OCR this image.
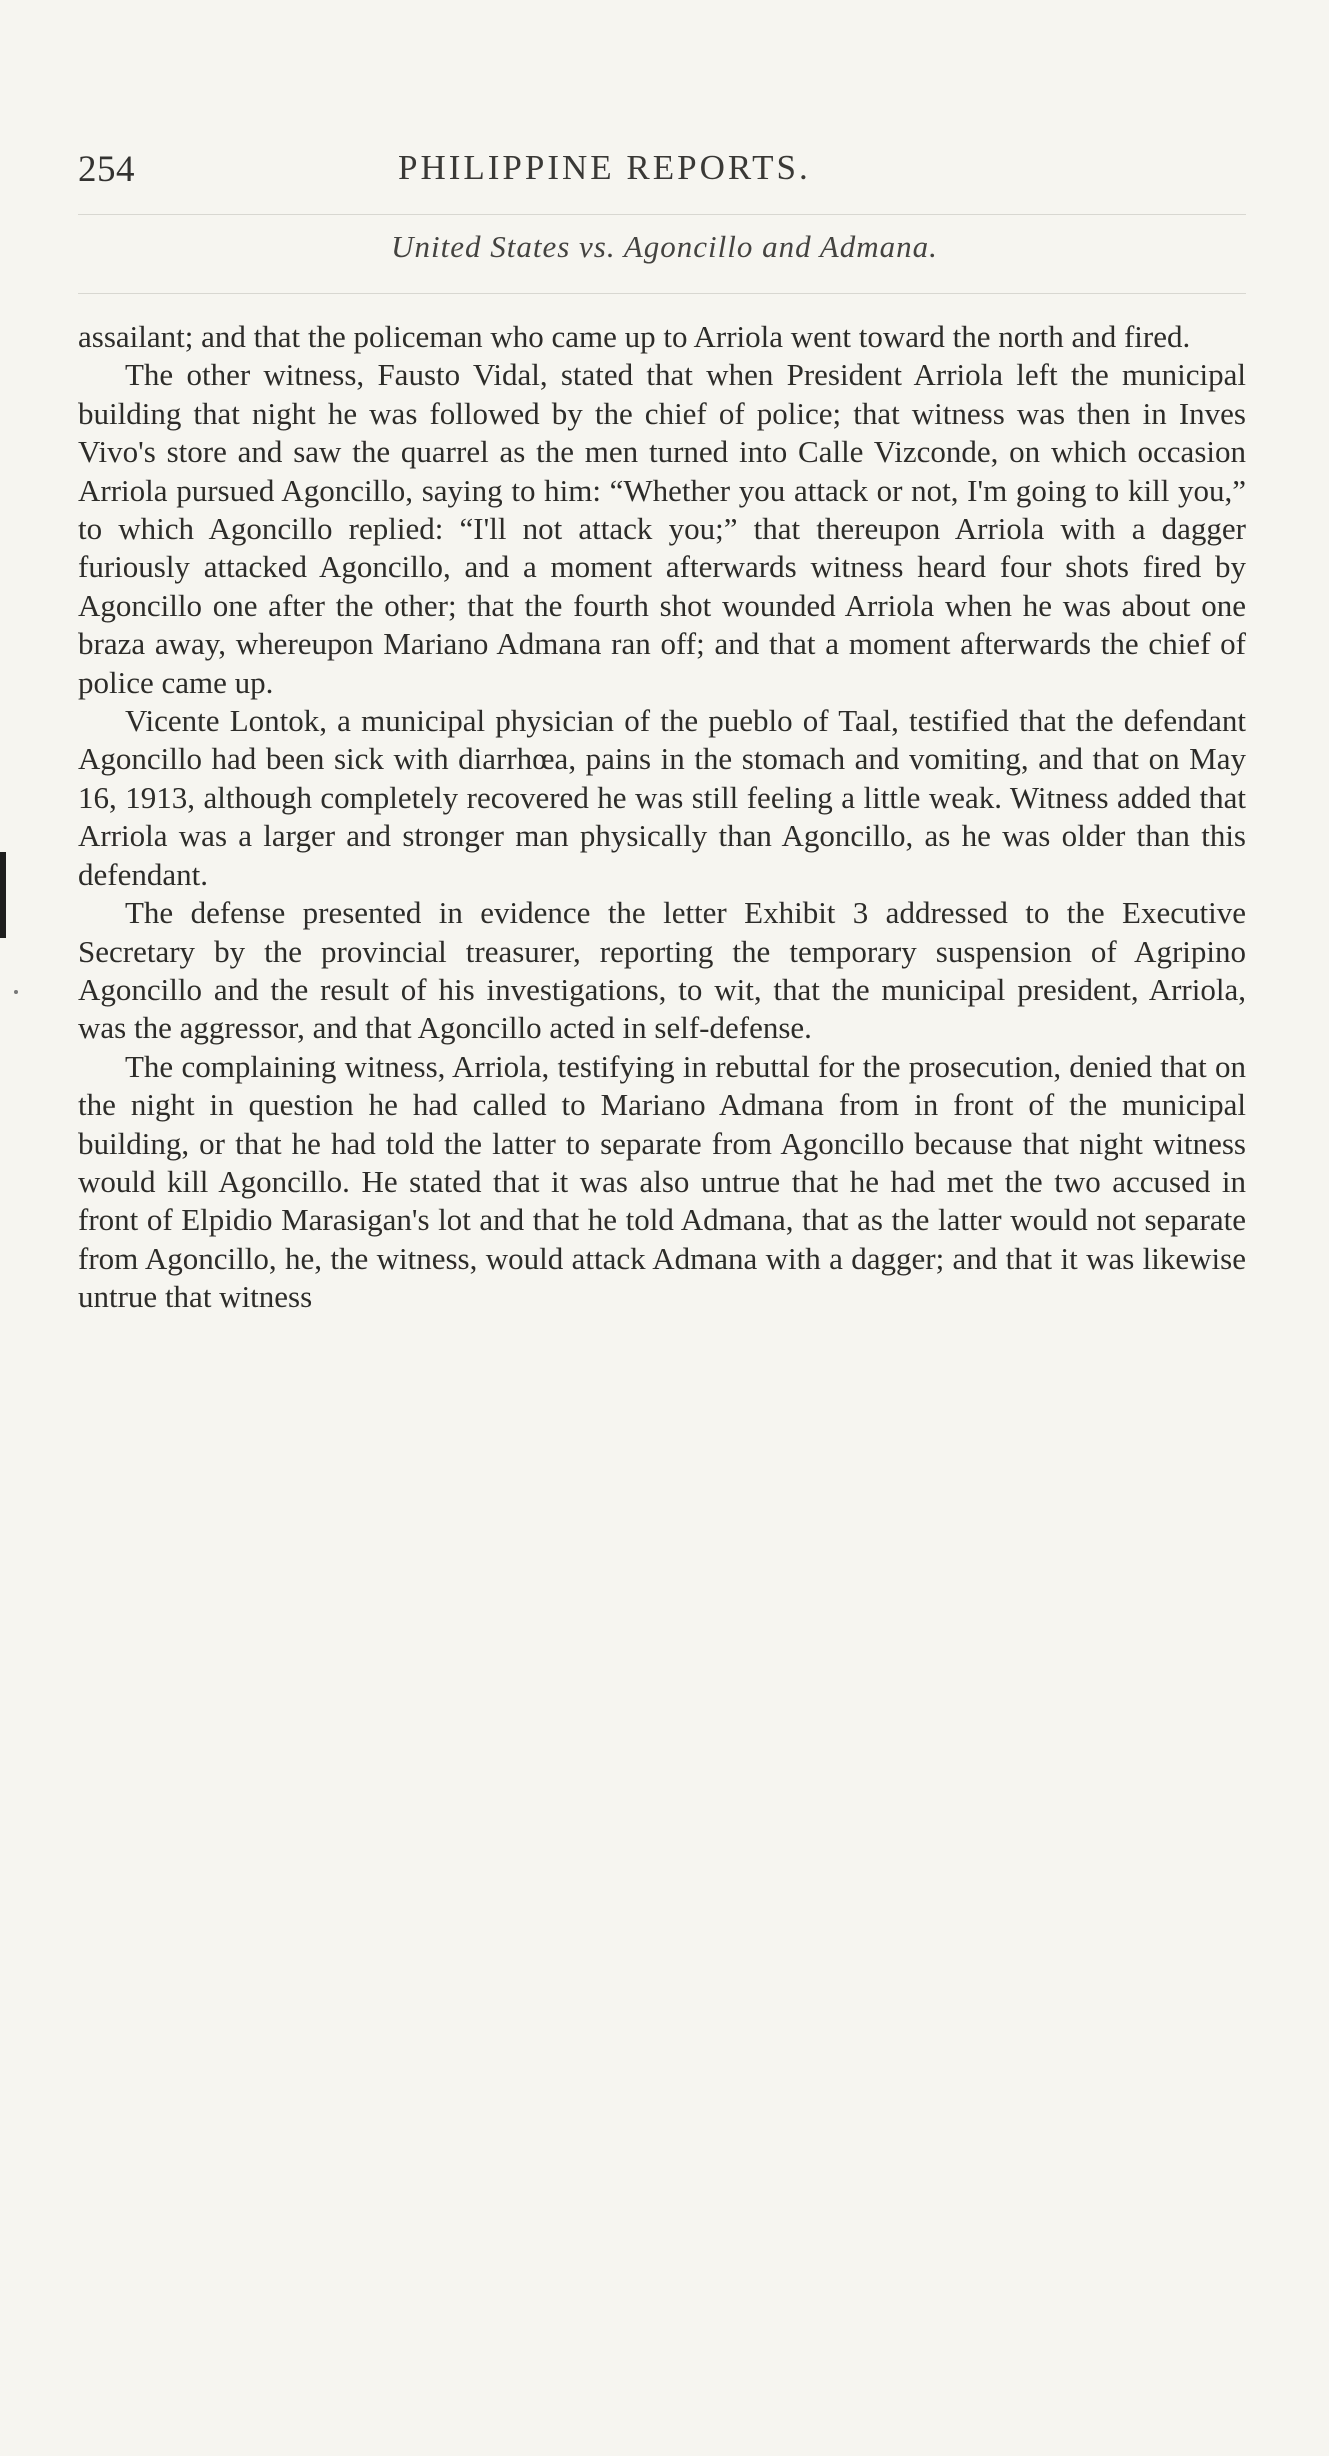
254	PHILIPPINE REPORTS.
United States vs. Agoncillo and Admana.

assailant; and that the policeman who came up to Arriola went toward the north and fired.

The other witness, Fausto Vidal, stated that when President Arriola left the municipal building that night he was followed by the chief of police; that witness was then in Inves Vivo's store and saw the quarrel as the men turned into Calle Vizconde, on which occasion Arriola pursued Agoncillo, saying to him: “Whether you attack or not, I'm going to kill you,” to which Agoncillo replied: “I'll not attack you;” that thereupon Arriola with a dagger furiously attacked Agoncillo, and a moment afterwards witness heard four shots fired by Agoncillo one after the other; that the fourth shot wounded Arriola when he was about one braza away, whereupon Mariano Admana ran off; and that a moment afterwards the chief of police came up.

Vicente Lontok, a municipal physician of the pueblo of Taal, testified that the defendant Agoncillo had been sick with diarrhœa, pains in the stomach and vomiting, and that on May 16, 1913, although completely recovered he was still feeling a little weak. Witness added that Arriola was a larger and stronger man physically than Agoncillo, as he was older than this defendant.

The defense presented in evidence the letter Exhibit 3 addressed to the Executive Secretary by the provincial treasurer, reporting the temporary suspension of Agripino Agoncillo and the result of his investigations, to wit, that the municipal president, Arriola, was the aggressor, and that Agoncillo acted in self-defense.

The complaining witness, Arriola, testifying in rebuttal for the prosecution, denied that on the night in question he had called to Mariano Admana from in front of the municipal building, or that he had told the latter to separate from Agoncillo because that night witness would kill Agoncillo. He stated that it was also untrue that he had met the two accused in front of Elpidio Marasigan's lot and that he told Admana, that as the latter would not separate from Agoncillo, he, the witness, would attack Admana with a dagger; and that it was likewise untrue that witness
